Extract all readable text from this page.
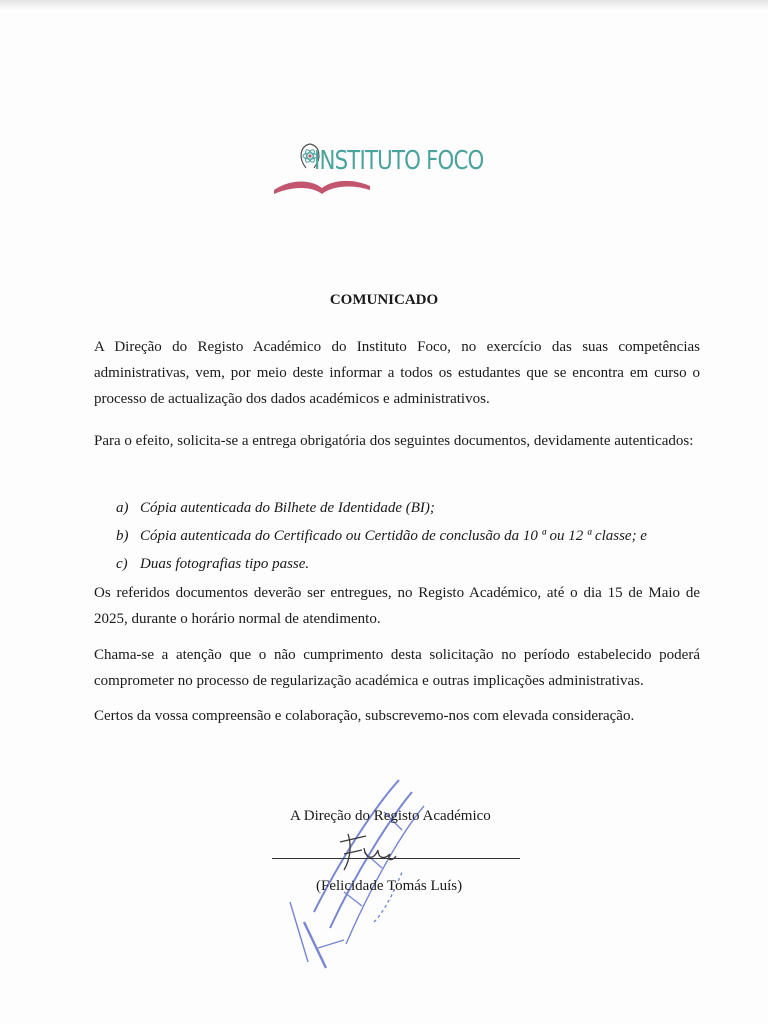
INSTITUTO FOCO
COMUNICADO

A Direção do Registo Académico do Instituto Foco, no exercício das suas competências administrativas, vem, por meio deste informar a todos os estudantes que se encontra em curso o processo de actualização dos dados académicos e administrativos.

Para o efeito, solicita-se a entrega obrigatória dos seguintes documentos, devidamente autenticados:

a) Cópia autenticada do Bilhete de Identidade (BI);
b) Cópia autenticada do Certificado ou Certidão de conclusão da 10 ª ou 12 ª classe; e
c) Duas fotografias tipo passe.

Os referidos documentos deverão ser entregues, no Registo Académico, até o dia 15 de Maio de 2025, durante o horário normal de atendimento.

Chama-se a atenção que o não cumprimento desta solicitação no período estabelecido poderá comprometer no processo de regularização académica e outras implicações administrativas.

Certos da vossa compreensão e colaboração, subscrevemo-nos com elevada consideração.

A Direção do Registo Académico
(Felicidade Tomás Luís)
